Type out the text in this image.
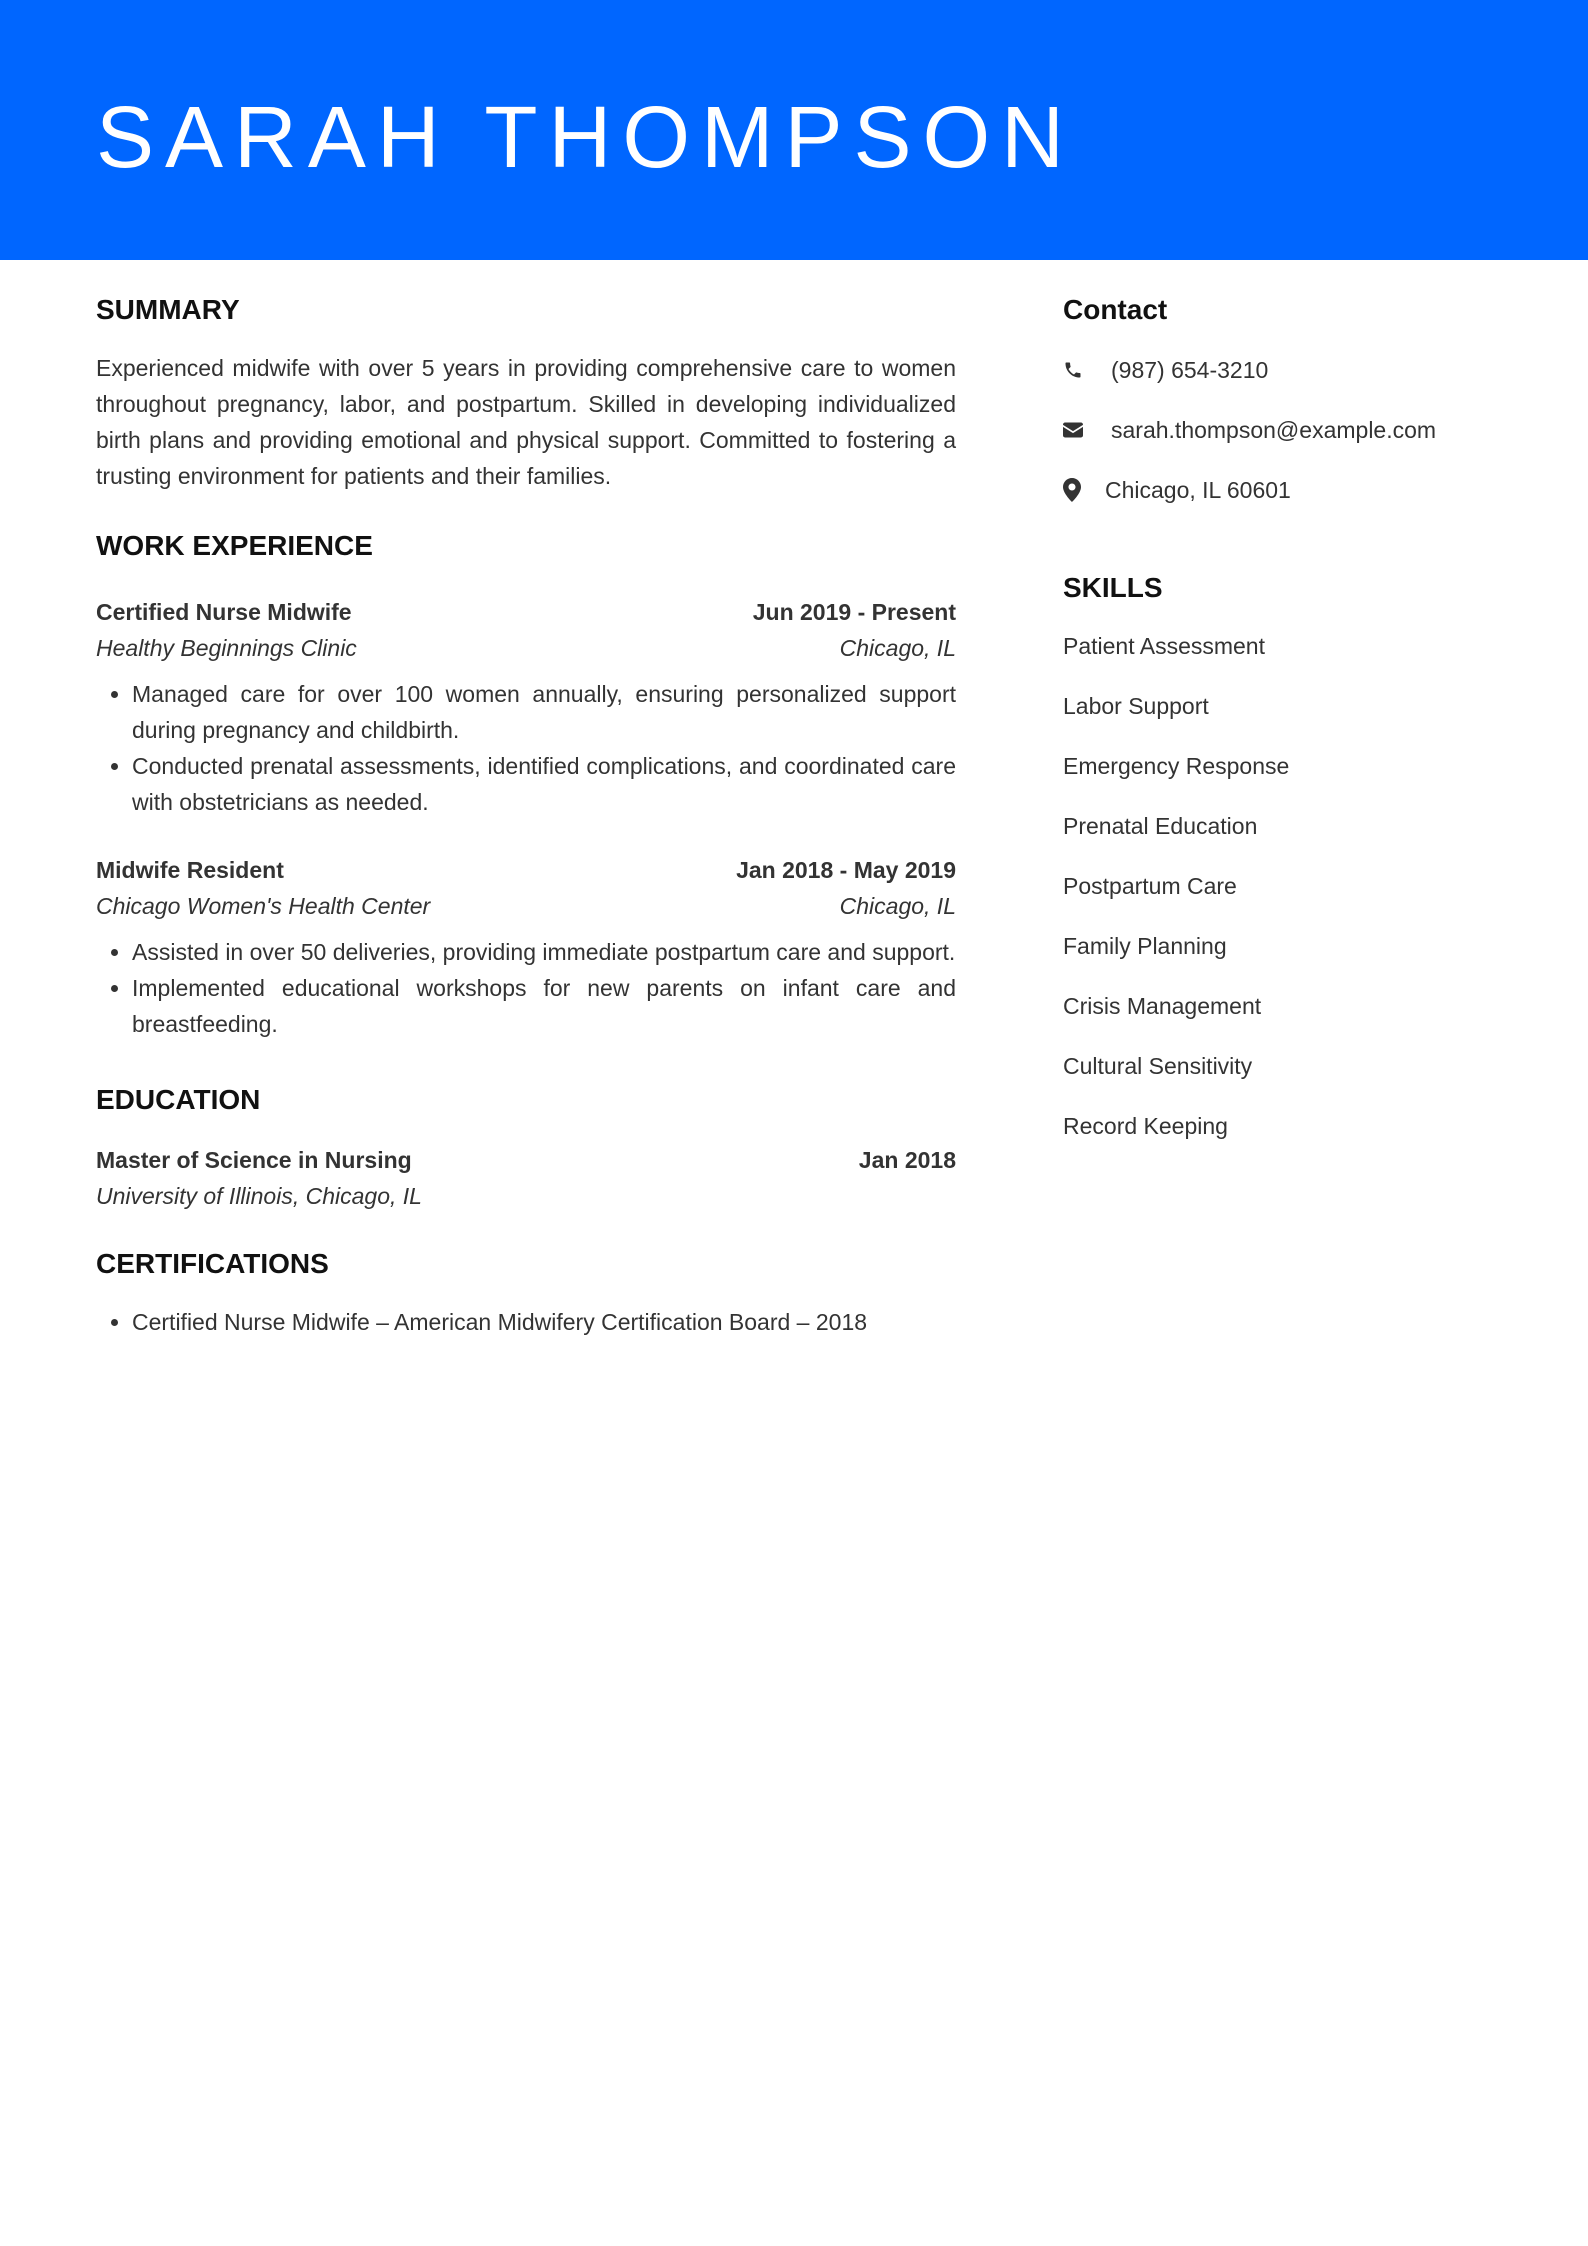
SARAH THOMPSON
SUMMARY

Experienced midwife with over 5 years in providing comprehensive care to women throughout pregnancy, labor, and postpartum. Skilled in developing individualized birth plans and providing emotional and physical support. Committed to fostering a trusting environment for patients and their families.

WORK EXPERIENCE
Certified Nurse Midwife	Jun 2019 - Present
Healthy Beginnings Clinic	Chicago, IL
• Managed care for over 100 women annually, ensuring personalized support during pregnancy and childbirth.
• Conducted prenatal assessments, identified complications, and coordinated care with obstetricians as needed.
Midwife Resident	Jan 2018 - May 2019
Chicago Women's Health Center	Chicago, IL
• Assisted in over 50 deliveries, providing immediate postpartum care and support.
• Implemented educational workshops for new parents on infant care and breastfeeding.
EDUCATION
Master of Science in Nursing	Jan 2018
University of Illinois, Chicago, IL
CERTIFICATIONS
• Certified Nurse Midwife – American Midwifery Certification Board – 2018
Contact
(987) 654-3210
sarah.thompson@example.com
Chicago, IL 60601
SKILLS
Patient Assessment
Labor Support
Emergency Response
Prenatal Education
Postpartum Care
Family Planning
Crisis Management
Cultural Sensitivity
Record Keeping
